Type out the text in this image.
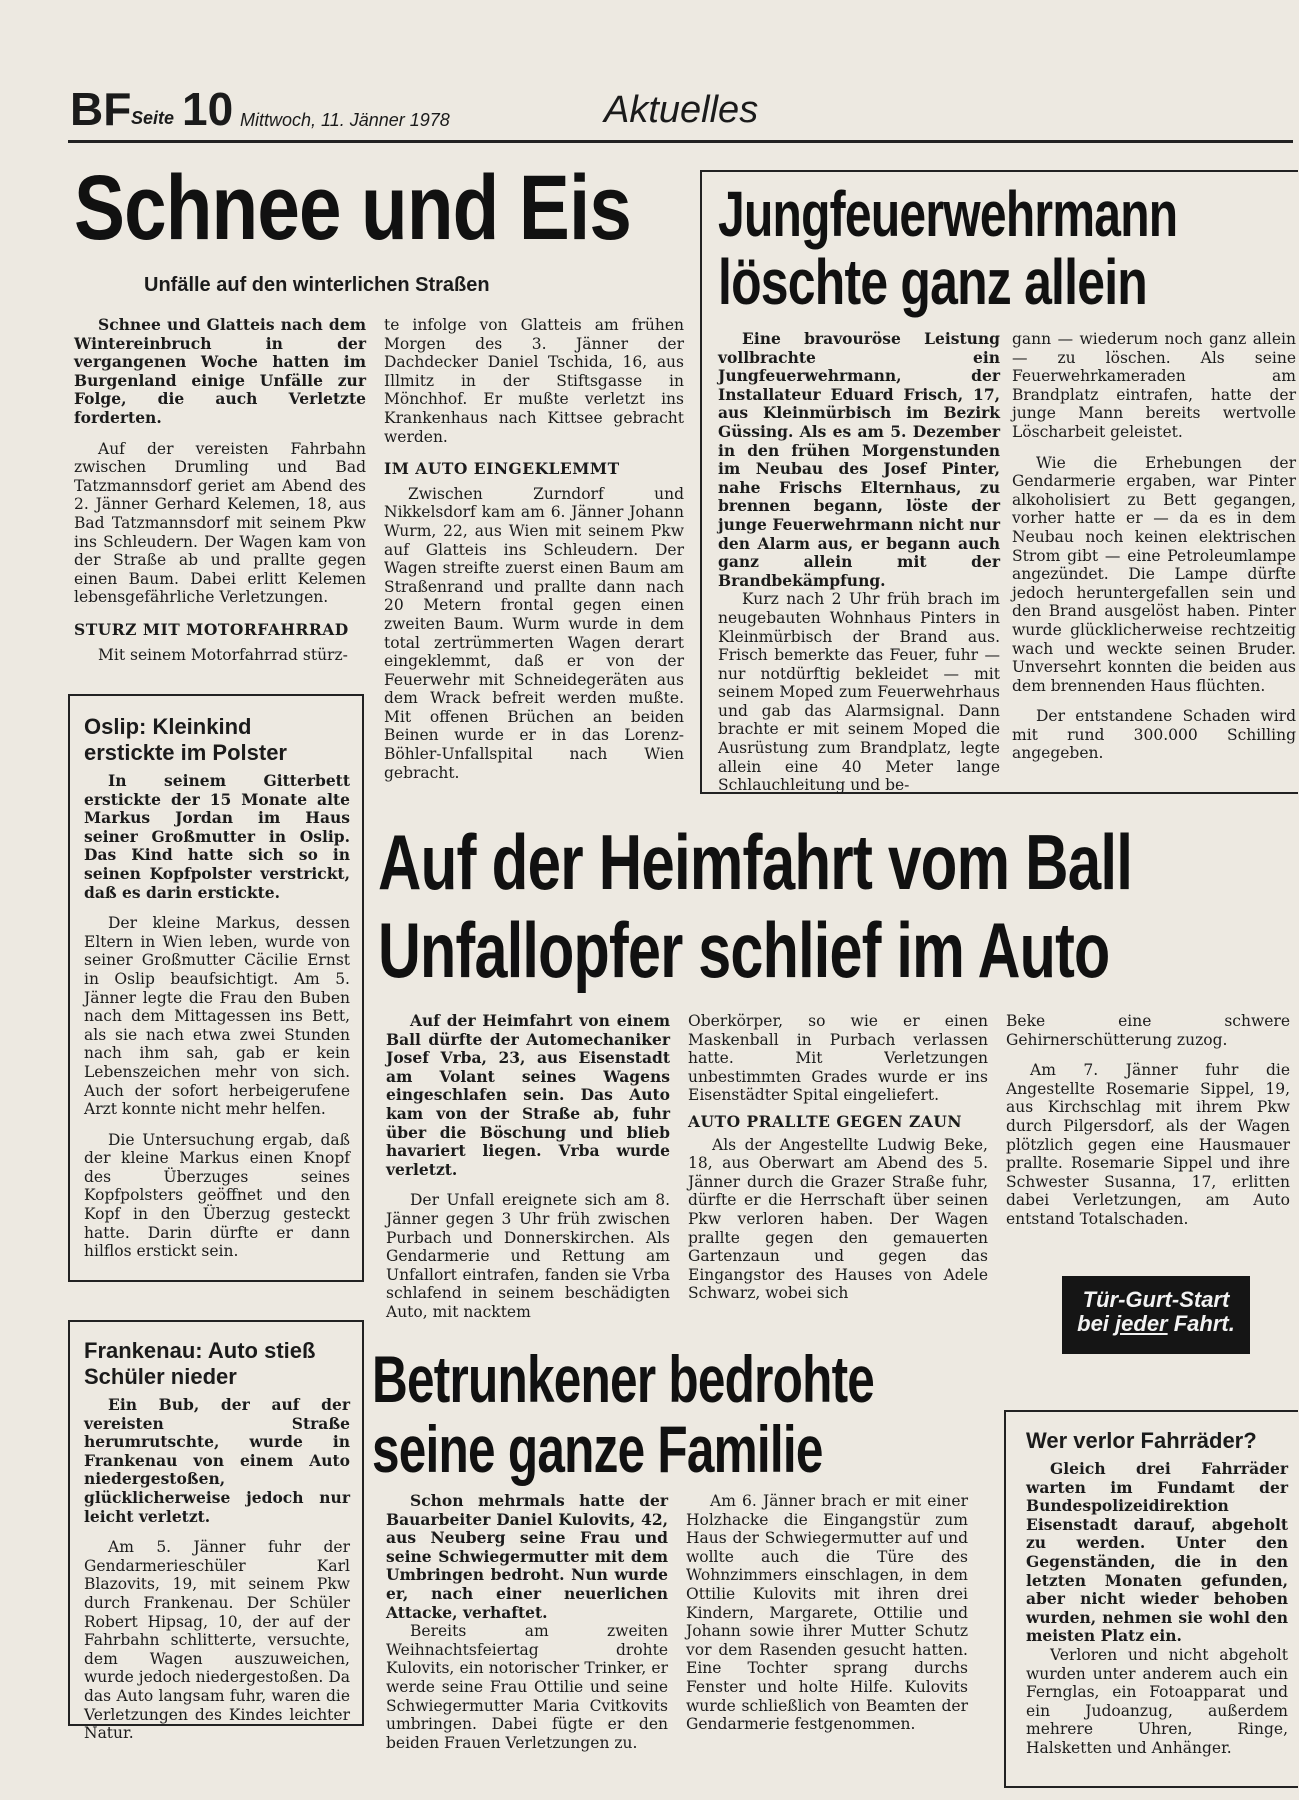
BF Seite 10 Mittwoch, 11. Jänner 1978	Aktuelles
Schnee und Eis
Unfälle auf den winterlichen Straßen

Schnee und Glatteis nach dem Wintereinbruch in der vergangenen Woche hatten im Burgenland einige Unfälle zur Folge, die auch Verletzte forderten.

Auf der vereisten Fahrbahn zwischen Drumling und Bad Tatzmannsdorf geriet am Abend des 2. Jänner Gerhard Kelemen, 18, aus Bad Tatzmannsdorf mit seinem Pkw ins Schleudern. Der Wagen kam von der Straße ab und prallte gegen einen Baum. Dabei erlitt Kelemen lebensgefährliche Verletzungen.

STURZ MIT MOTORFAHRRAD

Mit seinem Motorfahrrad stürz-

te infolge von Glatteis am frühen Morgen des 3. Jänner der Dachdecker Daniel Tschida, 16, aus Illmitz in der Stiftsgasse in Mönchhof. Er mußte verletzt ins Krankenhaus nach Kittsee gebracht werden.

IM AUTO EINGEKLEMMT

Zwischen Zurndorf und Nikkelsdorf kam am 6. Jänner Johann Wurm, 22, aus Wien mit seinem Pkw auf Glatteis ins Schleudern. Der Wagen streifte zuerst einen Baum am Straßenrand und prallte dann nach 20 Metern frontal gegen einen zweiten Baum. Wurm wurde in dem total zertrümmerten Wagen derart eingeklemmt, daß er von der Feuerwehr mit Schneidegeräten aus dem Wrack befreit werden mußte. Mit offenen Brüchen an beiden Beinen wurde er in das Lorenz-Böhler-Unfallspital nach Wien gebracht.

Jungfeuerwehrmann
löschte ganz allein

Eine bravouröse Leistung vollbrachte ein Jungfeuerwehrmann, der Installateur Eduard Frisch, 17, aus Kleinmürbisch im Bezirk Güssing. Als es am 5. Dezember in den frühen Morgenstunden im Neubau des Josef Pinter, nahe Frischs Elternhaus, zu brennen begann, löste der junge Feuerwehrmann nicht nur den Alarm aus, er begann auch ganz allein mit der Brandbekämpfung.

Kurz nach 2 Uhr früh brach im neugebauten Wohnhaus Pinters in Kleinmürbisch der Brand aus. Frisch bemerkte das Feuer, fuhr — nur notdürftig bekleidet — mit seinem Moped zum Feuerwehrhaus und gab das Alarmsignal. Dann brachte er mit seinem Moped die Ausrüstung zum Brandplatz, legte allein eine 40 Meter lange Schlauchleitung und be-

gann — wiederum noch ganz allein — zu löschen. Als seine Feuerwehrkameraden am Brandplatz eintrafen, hatte der junge Mann bereits wertvolle Löscharbeit geleistet.

Wie die Erhebungen der Gendarmerie ergaben, war Pinter alkoholisiert zu Bett gegangen, vorher hatte er — da es in dem Neubau noch keinen elektrischen Strom gibt — eine Petroleumlampe angezündet. Die Lampe dürfte jedoch heruntergefallen sein und den Brand ausgelöst haben. Pinter wurde glücklicherweise rechtzeitig wach und weckte seinen Bruder. Unversehrt konnten die beiden aus dem brennenden Haus flüchten.

Der entstandene Schaden wird mit rund 300.000 Schilling angegeben.

Oslip: Kleinkind
erstickte im Polster

In seinem Gitterbett erstickte der 15 Monate alte Markus Jordan im Haus seiner Großmutter in Oslip. Das Kind hatte sich so in seinen Kopfpolster verstrickt, daß es darin erstickte.

Der kleine Markus, dessen Eltern in Wien leben, wurde von seiner Großmutter Cäcilie Ernst in Oslip beaufsichtigt. Am 5. Jänner legte die Frau den Buben nach dem Mittagessen ins Bett, als sie nach etwa zwei Stunden nach ihm sah, gab er kein Lebenszeichen mehr von sich. Auch der sofort herbeigerufene Arzt konnte nicht mehr helfen.

Die Untersuchung ergab, daß der kleine Markus einen Knopf des Überzuges seines Kopfpolsters geöffnet und den Kopf in den Überzug gesteckt hatte. Darin dürfte er dann hilflos erstickt sein.

Auf der Heimfahrt vom Ball
Unfallopfer schlief im Auto

Auf der Heimfahrt von einem Ball dürfte der Automechaniker Josef Vrba, 23, aus Eisenstadt am Volant seines Wagens eingeschlafen sein. Das Auto kam von der Straße ab, fuhr über die Böschung und blieb havariert liegen. Vrba wurde verletzt.

Der Unfall ereignete sich am 8. Jänner gegen 3 Uhr früh zwischen Purbach und Donnerskirchen. Als Gendarmerie und Rettung am Unfallort eintrafen, fanden sie Vrba schlafend in seinem beschädigten Auto, mit nacktem

Oberkörper, so wie er einen Maskenball in Purbach verlassen hatte. Mit Verletzungen unbestimmten Grades wurde er ins Eisenstädter Spital eingeliefert.

AUTO PRALLTE GEGEN ZAUN

Als der Angestellte Ludwig Beke, 18, aus Oberwart am Abend des 5. Jänner durch die Grazer Straße fuhr, dürfte er die Herrschaft über seinen Pkw verloren haben. Der Wagen prallte gegen den gemauerten Gartenzaun und gegen das Eingangstor des Hauses von Adele Schwarz, wobei sich

Beke eine schwere Gehirnerschütterung zuzog.

Am 7. Jänner fuhr die Angestellte Rosemarie Sippel, 19, aus Kirchschlag mit ihrem Pkw durch Pilgersdorf, als der Wagen plötzlich gegen eine Hausmauer prallte. Rosemarie Sippel und ihre Schwester Susanna, 17, erlitten dabei Verletzungen, am Auto entstand Totalschaden.

Tür-Gurt-Start
bei jeder Fahrt.
Frankenau: Auto stieß
Schüler nieder

Ein Bub, der auf der vereisten Straße herumrutschte, wurde in Frankenau von einem Auto niedergestoßen, glücklicherweise jedoch nur leicht verletzt.

Am 5. Jänner fuhr der Gendarmerieschüler Karl Blazovits, 19, mit seinem Pkw durch Frankenau. Der Schüler Robert Hipsag, 10, der auf der Fahrbahn schlitterte, versuchte, dem Wagen auszuweichen, wurde jedoch niedergestoßen. Da das Auto langsam fuhr, waren die Verletzungen des Kindes leichter Natur.

Betrunkener bedrohte
seine ganze Familie

Schon mehrmals hatte der Bauarbeiter Daniel Kulovits, 42, aus Neuberg seine Frau und seine Schwiegermutter mit dem Umbringen bedroht. Nun wurde er, nach einer neuerlichen Attacke, verhaftet.

Bereits am zweiten Weihnachtsfeiertag drohte Kulovits, ein notorischer Trinker, er werde seine Frau Ottilie und seine Schwiegermutter Maria Cvitkovits umbringen. Dabei fügte er den beiden Frauen Verletzungen zu.

Am 6. Jänner brach er mit einer Holzhacke die Eingangstür zum Haus der Schwiegermutter auf und wollte auch die Türe des Wohnzimmers einschlagen, in dem Ottilie Kulovits mit ihren drei Kindern, Margarete, Ottilie und Johann sowie ihrer Mutter Schutz vor dem Rasenden gesucht hatten. Eine Tochter sprang durchs Fenster und holte Hilfe. Kulovits wurde schließlich von Beamten der Gendarmerie festgenommen.

Wer verlor Fahrräder?

Gleich drei Fahrräder warten im Fundamt der Bundespolizeidirektion Eisenstadt darauf, abgeholt zu werden. Unter den Gegenständen, die in den letzten Monaten gefunden, aber nicht wieder behoben wurden, nehmen sie wohl den meisten Platz ein.

Verloren und nicht abgeholt wurden unter anderem auch ein Fernglas, ein Fotoapparat und ein Judoanzug, außerdem mehrere Uhren, Ringe, Halsketten und Anhänger.
